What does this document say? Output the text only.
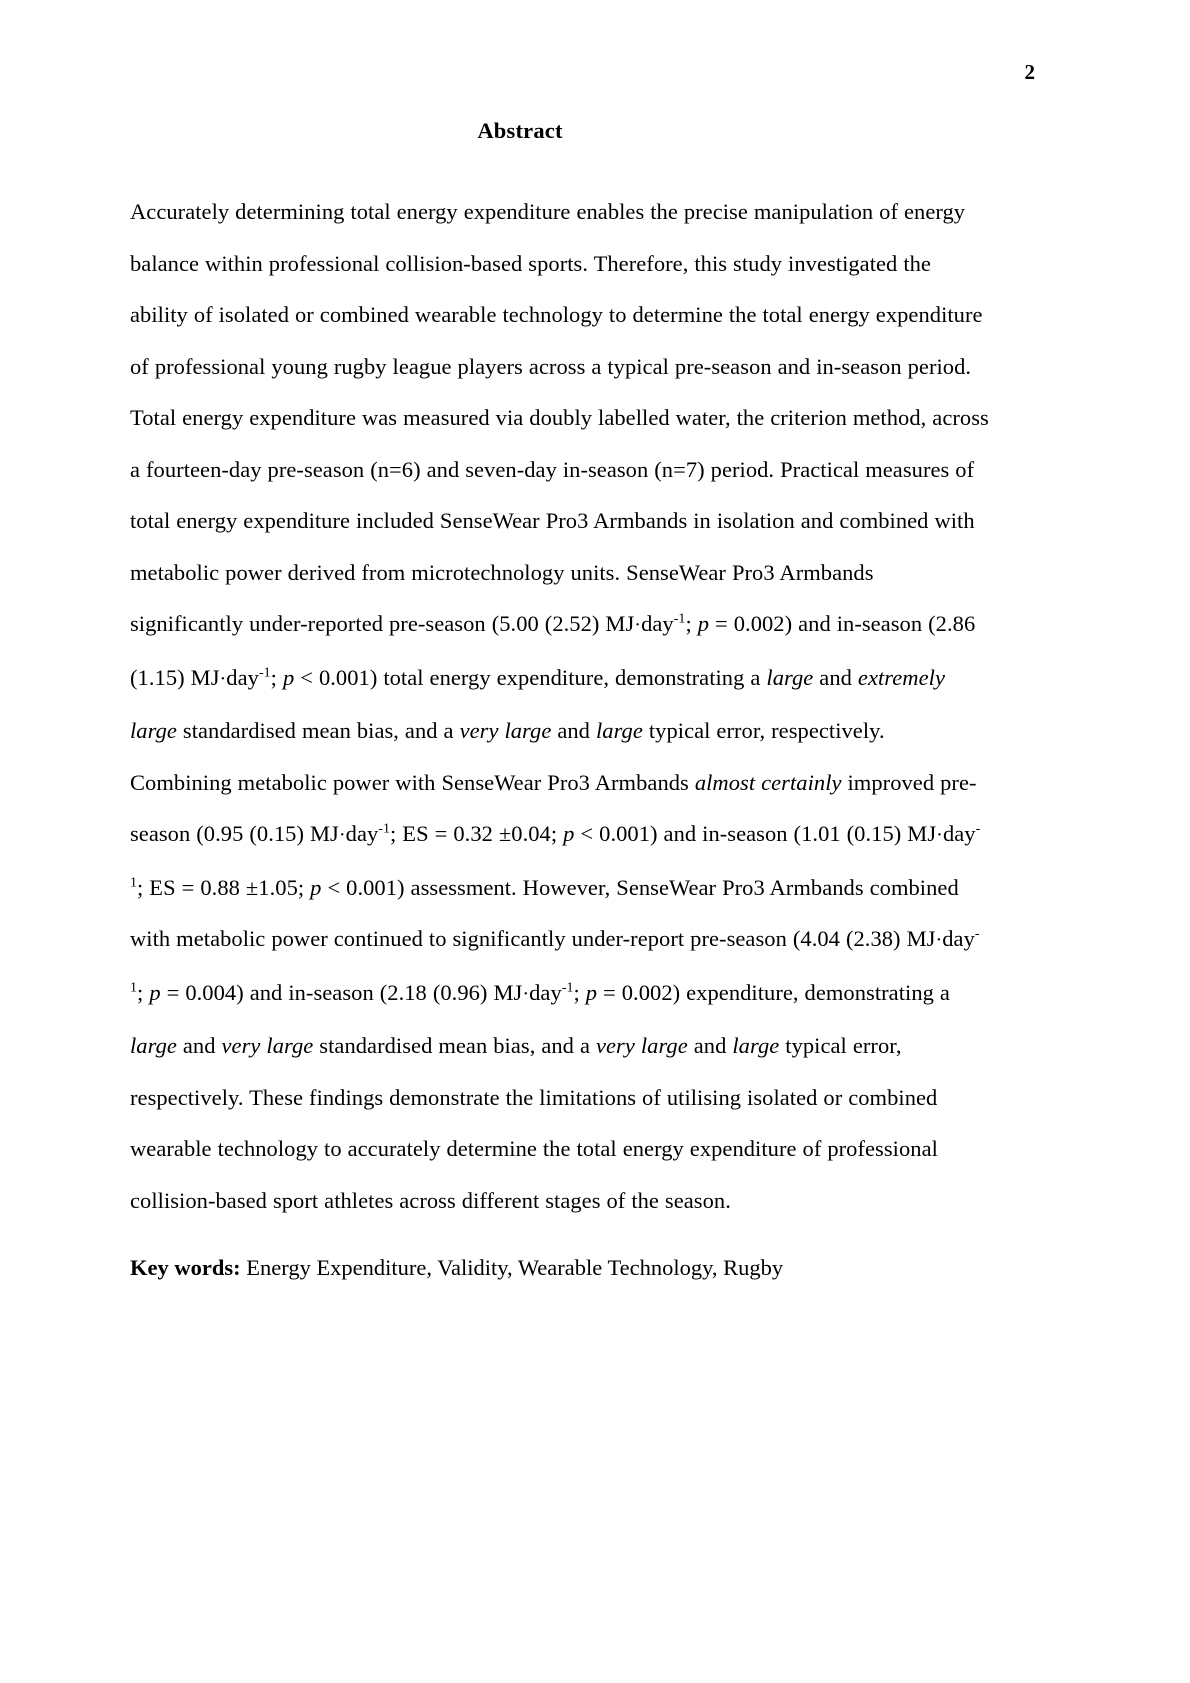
2
Abstract

Accurately determining total energy expenditure enables the precise manipulation of energy balance within professional collision-based sports. Therefore, this study investigated the ability of isolated or combined wearable technology to determine the total energy expenditure of professional young rugby league players across a typical pre-season and in-season period. Total energy expenditure was measured via doubly labelled water, the criterion method, across a fourteen-day pre-season (n=6) and seven-day in-season (n=7) period. Practical measures of total energy expenditure included SenseWear Pro3 Armbands in isolation and combined with metabolic power derived from microtechnology units. SenseWear Pro3 Armbands significantly under-reported pre-season (5.00 (2.52) MJ·day$^{-1}$; p = 0.002) and in-season (2.86 (1.15) MJ·day$^{-1}$; p < 0.001) total energy expenditure, demonstrating a large and extremely large standardised mean bias, and a very large and large typical error, respectively. Combining metabolic power with SenseWear Pro3 Armbands almost certainly improved pre-season (0.95 (0.15) MJ·day$^{-1}$; ES = 0.32 ±0.04; p < 0.001) and in-season (1.01 (0.15) MJ·day$^{-1}$; ES = 0.88 ±1.05; p < 0.001) assessment. However, SenseWear Pro3 Armbands combined with metabolic power continued to significantly under-report pre-season (4.04 (2.38) MJ·day$^{-1}$; p = 0.004) and in-season (2.18 (0.96) MJ·day$^{-1}$; p = 0.002) expenditure, demonstrating a large and very large standardised mean bias, and a very large and large typical error, respectively. These findings demonstrate the limitations of utilising isolated or combined wearable technology to accurately determine the total energy expenditure of professional collision-based sport athletes across different stages of the season.

Key words: Energy Expenditure, Validity, Wearable Technology, Rugby
